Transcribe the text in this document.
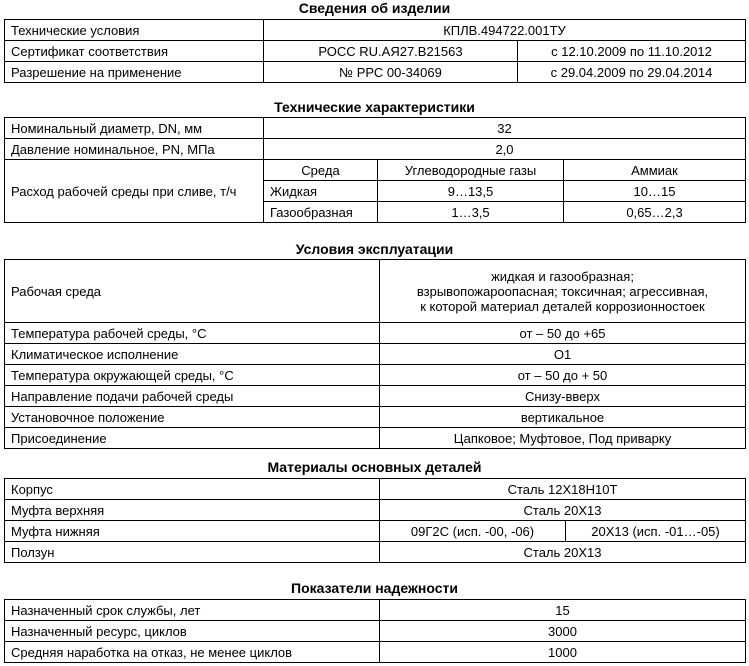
Сведения об изделии
Технические условия	КПЛВ.494722.001ТУ	
Сертификат соответствия	РОСС RU.АЯ27.В21563	с 12.10.2009 по 11.10.2012
Разрешение на применение	№ РРС 00-34069	с 29.04.2009 по 29.04.2014
Технические характеристики
Номинальный диаметр, DN, мм	32		
Давление номинальное, PN, МПа	2,0		
Расход рабочей среды при сливе, т/ч	Среда	Углеводородные газы	Аммиак
	Жидкая	9…13,5	10…15
	Газообразная	1…3,5	0,65…2,3
Условия эксплуатации
Рабочая среда	жидкая и газообразная;
взрывопожароопасная; токсичная; агрессивная,
к которой материал деталей коррозионностоек

Температура рабочей среды, °С	от – 50 до +65
Климатическое исполнение	О1
Температура окружающей среды, °С	от – 50 до + 50
Направление подачи рабочей среды	Снизу-вверх
Установочное положение	вертикальное
Присоединение	Цапковое; Муфтовое, Под приварку
Материалы основных деталей
Корпус	Сталь 12Х18Н10Т	
Муфта верхняя	Сталь 20Х13	
Муфта нижняя	09Г2С (исп. -00, -06)	20Х13 (исп. -01…-05)
Ползун	Сталь 20Х13	
Показатели надежности
Назначенный срок службы, лет	15
Назначенный ресурс, циклов	3000
Средняя наработка на отказ, не менее циклов	1000
